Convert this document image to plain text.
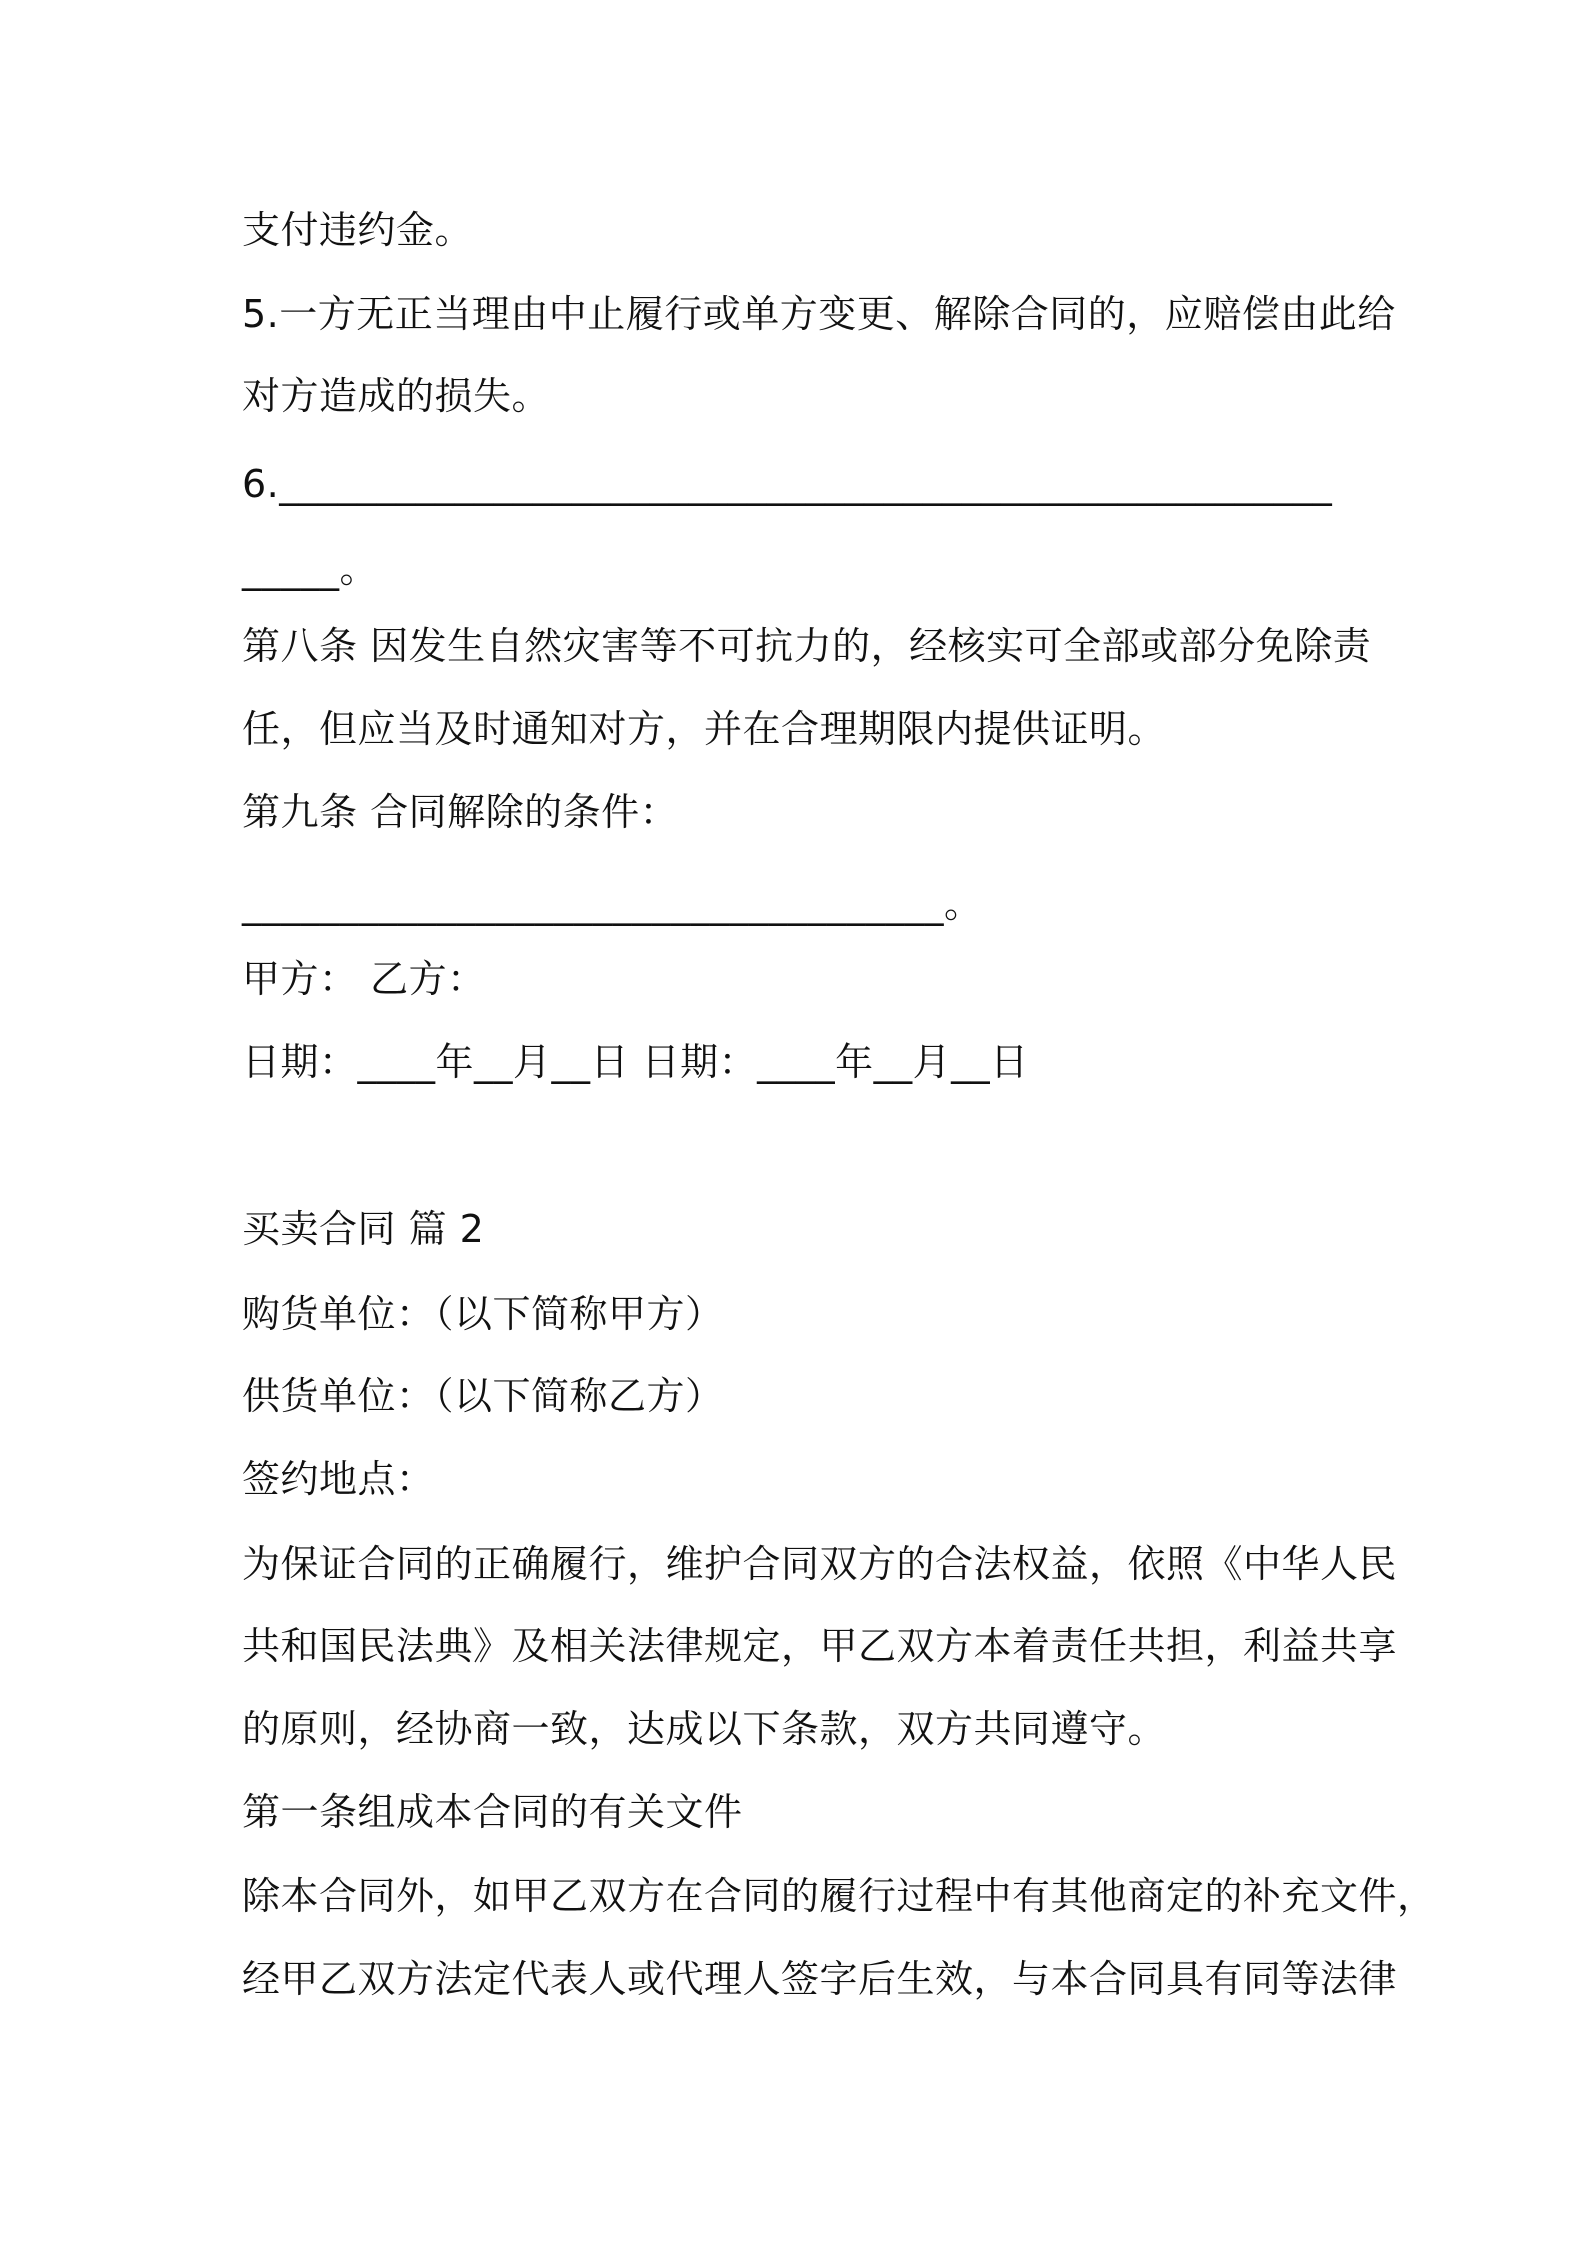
支付违约金。
5.一方无正当理由中止履行或单方变更、解除合同的，应赔偿由此给
对方造成的损失。
6.______________________________________________________
_____。
第八条 因发生自然灾害等不可抗力的，经核实可全部或部分免除责
任，但应当及时通知对方，并在合理期限内提供证明。
第九条 合同解除的条件：
____________________________________。
甲方： 乙方：
日期：____年__月__日 日期：____年__月__日
买卖合同 篇 2
购货单位：（以下简称甲方）
供货单位：（以下简称乙方）
签约地点：
为保证合同的正确履行，维护合同双方的合法权益，依照《中华人民
共和国民法典》及相关法律规定，甲乙双方本着责任共担，利益共享
的原则，经协商一致，达成以下条款，双方共同遵守。
第一条组成本合同的有关文件
除本合同外，如甲乙双方在合同的履行过程中有其他商定的补充文件，
经甲乙双方法定代表人或代理人签字后生效，与本合同具有同等法律
